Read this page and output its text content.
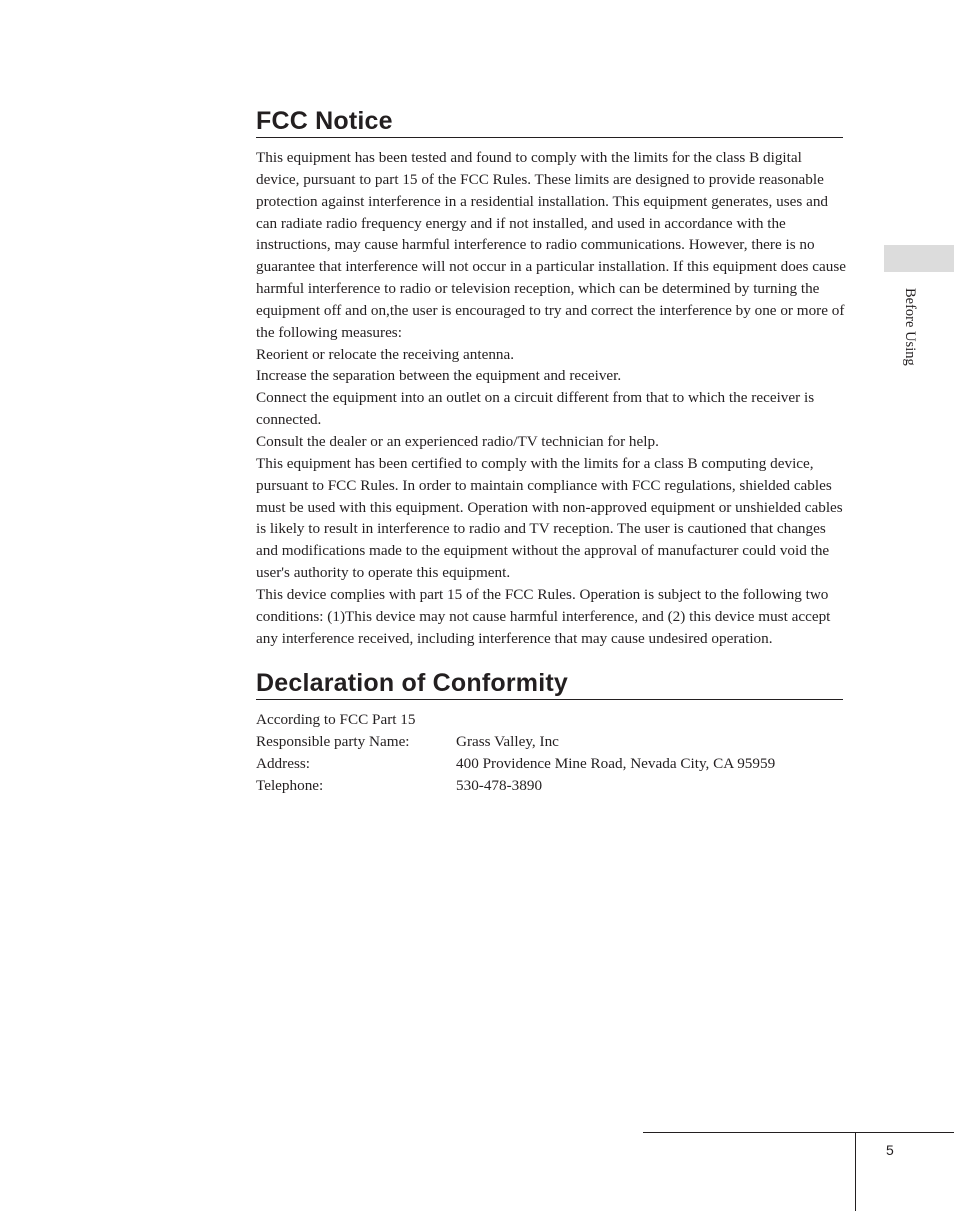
FCC Notice

This equipment has been tested and found to comply with the limits for the class B digital device, pursuant to part 15 of the FCC Rules. These limits are designed to provide reasonable protection against interference in a residential installation. This equipment generates, uses and can radiate radio frequency energy and if not installed, and used in accordance with the instructions, may cause harmful interference to radio communications. However, there is no guarantee that interference will not occur in a particular installation. If this equipment does cause harmful interference to radio or television reception, which can be determined by turning the equipment off and on,the user is encouraged to try and correct the interference by one or more of the following measures:

Reorient or relocate the receiving antenna.

Increase the separation between the equipment and receiver.

Connect the equipment into an outlet on a circuit different from that to which the receiver is connected.

Consult the dealer or an experienced radio/TV technician for help.

This equipment has been certified to comply with the limits for a class B computing device, pursuant to FCC Rules. In order to maintain compliance with FCC regulations, shielded cables must be used with this equipment. Operation with non-approved equipment or unshielded cables is likely to result in interference to radio and TV reception. The user is cautioned that changes and modifications made to the equipment without the approval of manufacturer could void the user's authority to operate this equipment.

This device complies with part 15 of the FCC Rules. Operation is subject to the following two conditions: (1)This device may not cause harmful interference, and (2) this device must accept any interference received, including interference that may cause undesired operation.

Declaration of Conformity
According to FCC Part 15
Responsible party Name:	Grass Valley, Inc
Address:	400 Providence Mine Road, Nevada City, CA 95959
Telephone:	530-478-3890
Before Using
5
